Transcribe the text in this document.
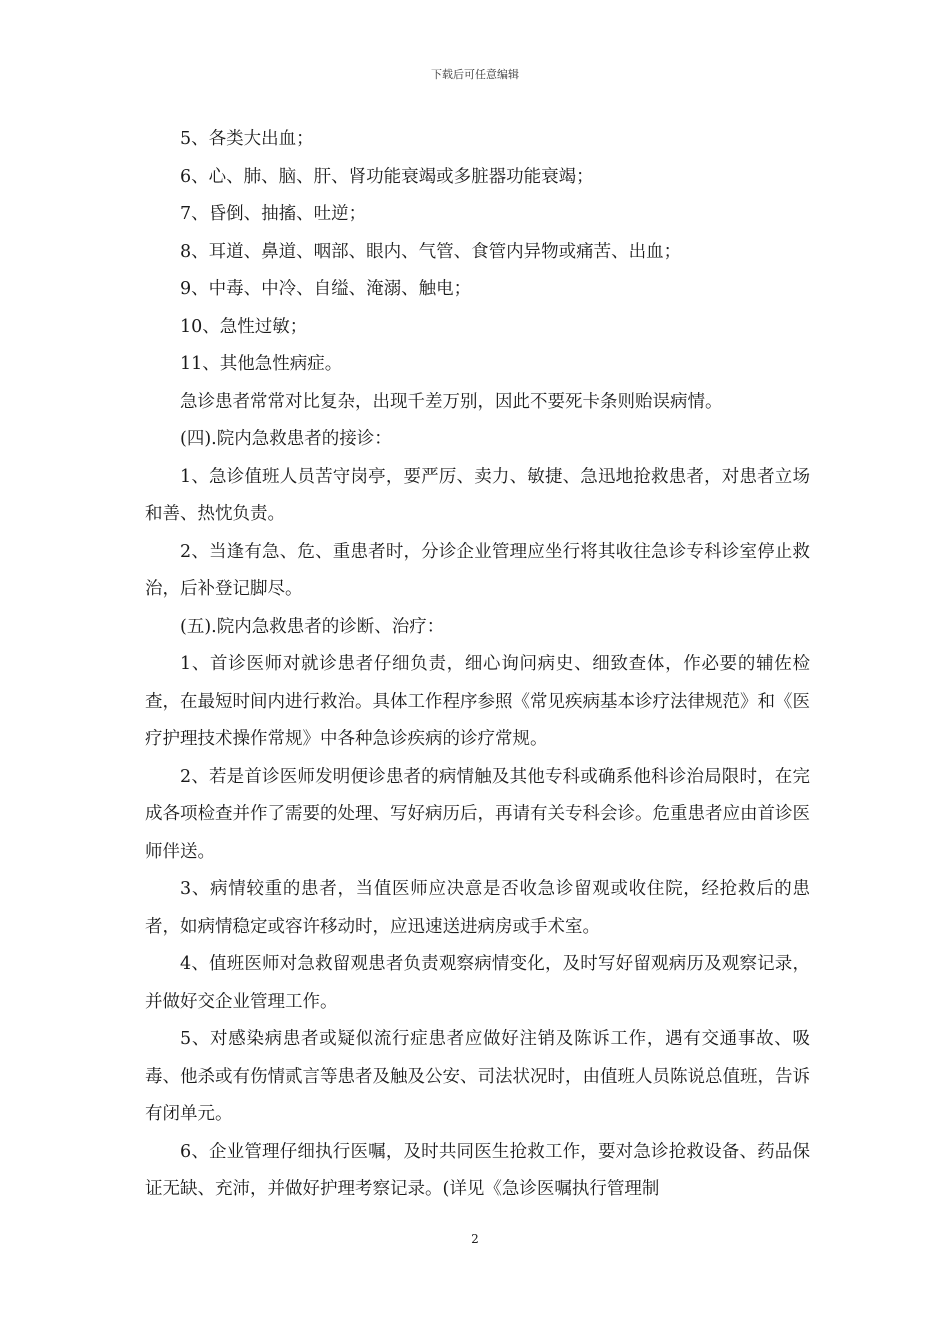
下载后可任意编辑

5、各类大出血；

6、心、肺、脑、肝、肾功能衰竭或多脏器功能衰竭；

7、昏倒、抽搐、吐逆；

8、耳道、鼻道、咽部、眼内、气管、食管内异物或痛苦、出血；

9、中毒、中冷、自缢、淹溺、触电；

10、急性过敏；

11、其他急性病症。

急诊患者常常对比复杂，出现千差万别，因此不要死卡条则贻误病情。

(四).院内急救患者的接诊：

1、急诊值班人员苦守岗亭，要严厉、卖力、敏捷、急迅地抢救患者，对患者立场和善、热忱负责。

2、当逢有急、危、重患者时，分诊企业管理应坐行将其收往急诊专科诊室停止救治，后补登记脚尽。

(五).院内急救患者的诊断、治疗：

1、首诊医师对就诊患者仔细负责，细心询问病史、细致查体，作必要的辅佐检查，在最短时间内进行救治。具体工作程序参照《常见疾病基本诊疗法律规范》和《医疗护理技术操作常规》中各种急诊疾病的诊疗常规。

2、若是首诊医师发明便诊患者的病情触及其他专科或确系他科诊治局限时，在完成各项检查并作了需要的处理、写好病历后，再请有关专科会诊。危重患者应由首诊医师伴送。

3、病情较重的患者，当值医师应决意是否收急诊留观或收住院，经抢救后的患者，如病情稳定或容许移动时，应迅速送进病房或手术室。

4、值班医师对急救留观患者负责观察病情变化，及时写好留观病历及观察记录，并做好交企业管理工作。

5、对感染病患者或疑似流行症患者应做好注销及陈诉工作，遇有交通事故、吸毒、他杀或有伤情贰言等患者及触及公安、司法状况时，由值班人员陈说总值班，告诉有闭单元。

6、企业管理仔细执行医嘱，及时共同医生抢救工作，要对急诊抢救设备、药品保证无缺、充沛，并做好护理考察记录。(详见《急诊医嘱执行管理制

2
